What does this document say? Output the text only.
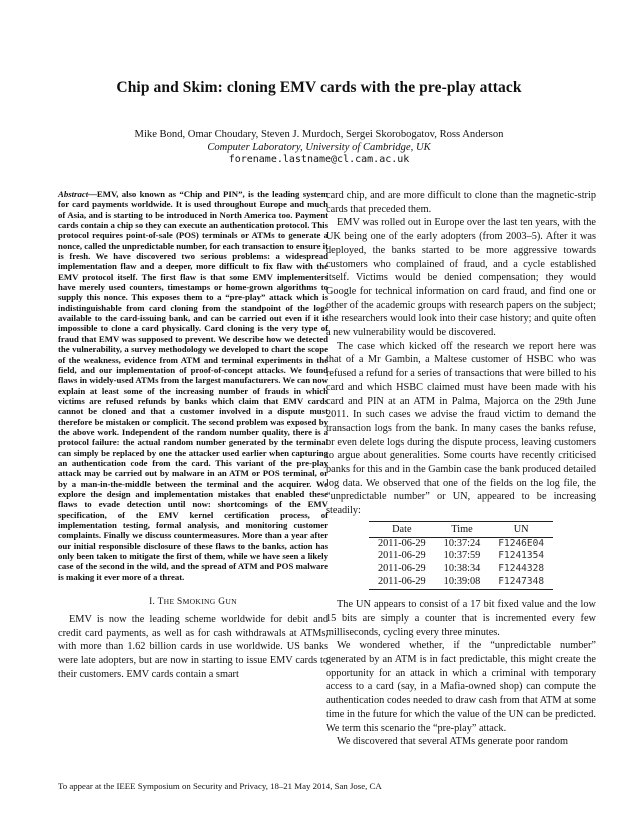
Chip and Skim: cloning EMV cards with the pre-play attack
Mike Bond, Omar Choudary, Steven J. Murdoch, Sergei Skorobogatov, Ross Anderson
Computer Laboratory, University of Cambridge, UK
forename.lastname@cl.cam.ac.uk

Abstract—EMV, also known as “Chip and PIN”, is the leading system for card payments worldwide. It is used throughout Europe and much of Asia, and is starting to be introduced in North America too. Payment cards contain a chip so they can execute an authentication protocol. This protocol requires point-of-sale (POS) terminals or ATMs to generate a nonce, called the unpredictable number, for each transaction to ensure it is fresh. We have discovered two serious problems: a widespread implementation flaw and a deeper, more difficult to fix flaw with the EMV protocol itself. The first flaw is that some EMV implementers have merely used counters, timestamps or home-grown algorithms to supply this nonce. This exposes them to a “pre-play” attack which is indistinguishable from card cloning from the standpoint of the logs available to the card-issuing bank, and can be carried out even if it is impossible to clone a card physically. Card cloning is the very type of fraud that EMV was supposed to prevent. We describe how we detected the vulnerability, a survey methodology we developed to chart the scope of the weakness, evidence from ATM and terminal experiments in the field, and our implementation of proof-of-concept attacks. We found flaws in widely-used ATMs from the largest manufacturers. We can now explain at least some of the increasing number of frauds in which victims are refused refunds by banks which claim that EMV cards cannot be cloned and that a customer involved in a dispute must therefore be mistaken or complicit. The second problem was exposed by the above work. Independent of the random number quality, there is a protocol failure: the actual random number generated by the terminal can simply be replaced by one the attacker used earlier when capturing an authentication code from the card. This variant of the pre-play attack may be carried out by malware in an ATM or POS terminal, or by a man-in-the-middle between the terminal and the acquirer. We explore the design and implementation mistakes that enabled these flaws to evade detection until now: shortcomings of the EMV specification, of the EMV kernel certification process, of implementation testing, formal analysis, and monitoring customer complaints. Finally we discuss countermeasures. More than a year after our initial responsible disclosure of these flaws to the banks, action has only been taken to mitigate the first of them, while we have seen a likely case of the second in the wild, and the spread of ATM and POS malware is making it ever more of a threat.

I. THE SMOKING GUN

EMV is now the leading scheme worldwide for debit and credit card payments, as well as for cash withdrawals at ATMs, with more than 1.62 billion cards in use worldwide. US banks were late adopters, but are now in starting to issue EMV cards to their customers. EMV cards contain a smart

card chip, and are more difficult to clone than the magnetic-strip cards that preceded them.

EMV was rolled out in Europe over the last ten years, with the UK being one of the early adopters (from 2003–5). After it was deployed, the banks started to be more aggressive towards customers who complained of fraud, and a cycle established itself. Victims would be denied compensation; they would Google for technical information on card fraud, and find one or other of the academic groups with research papers on the subject; the researchers would look into their case history; and quite often a new vulnerability would be discovered.

The case which kicked off the research we report here was that of a Mr Gambin, a Maltese customer of HSBC who was refused a refund for a series of transactions that were billed to his card and which HSBC claimed must have been made with his card and PIN at an ATM in Palma, Majorca on the 29th June 2011. In such cases we advise the fraud victim to demand the transaction logs from the bank. In many cases the banks refuse, or even delete logs during the dispute process, leaving customers to argue about generalities. Some courts have recently criticised banks for this and in the Gambin case the bank produced detailed log data. We observed that one of the fields on the log file, the “unpredictable number” or UN, appeared to be increasing steadily:

Date	Time	UN
2011-06-29	10:37:24	F1246E04
2011-06-29	10:37:59	F1241354
2011-06-29	10:38:34	F1244328
2011-06-29	10:39:08	F1247348

The UN appears to consist of a 17 bit fixed value and the low 15 bits are simply a counter that is incremented every few milliseconds, cycling every three minutes.

We wondered whether, if the “unpredictable number” generated by an ATM is in fact predictable, this might create the opportunity for an attack in which a criminal with temporary access to a card (say, in a Mafia-owned shop) can compute the authentication codes needed to draw cash from that ATM at some time in the future for which the value of the UN can be predicted. We term this scenario the “pre-play” attack.

We discovered that several ATMs generate poor random

To appear at the IEEE Symposium on Security and Privacy, 18–21 May 2014, San Jose, CA
